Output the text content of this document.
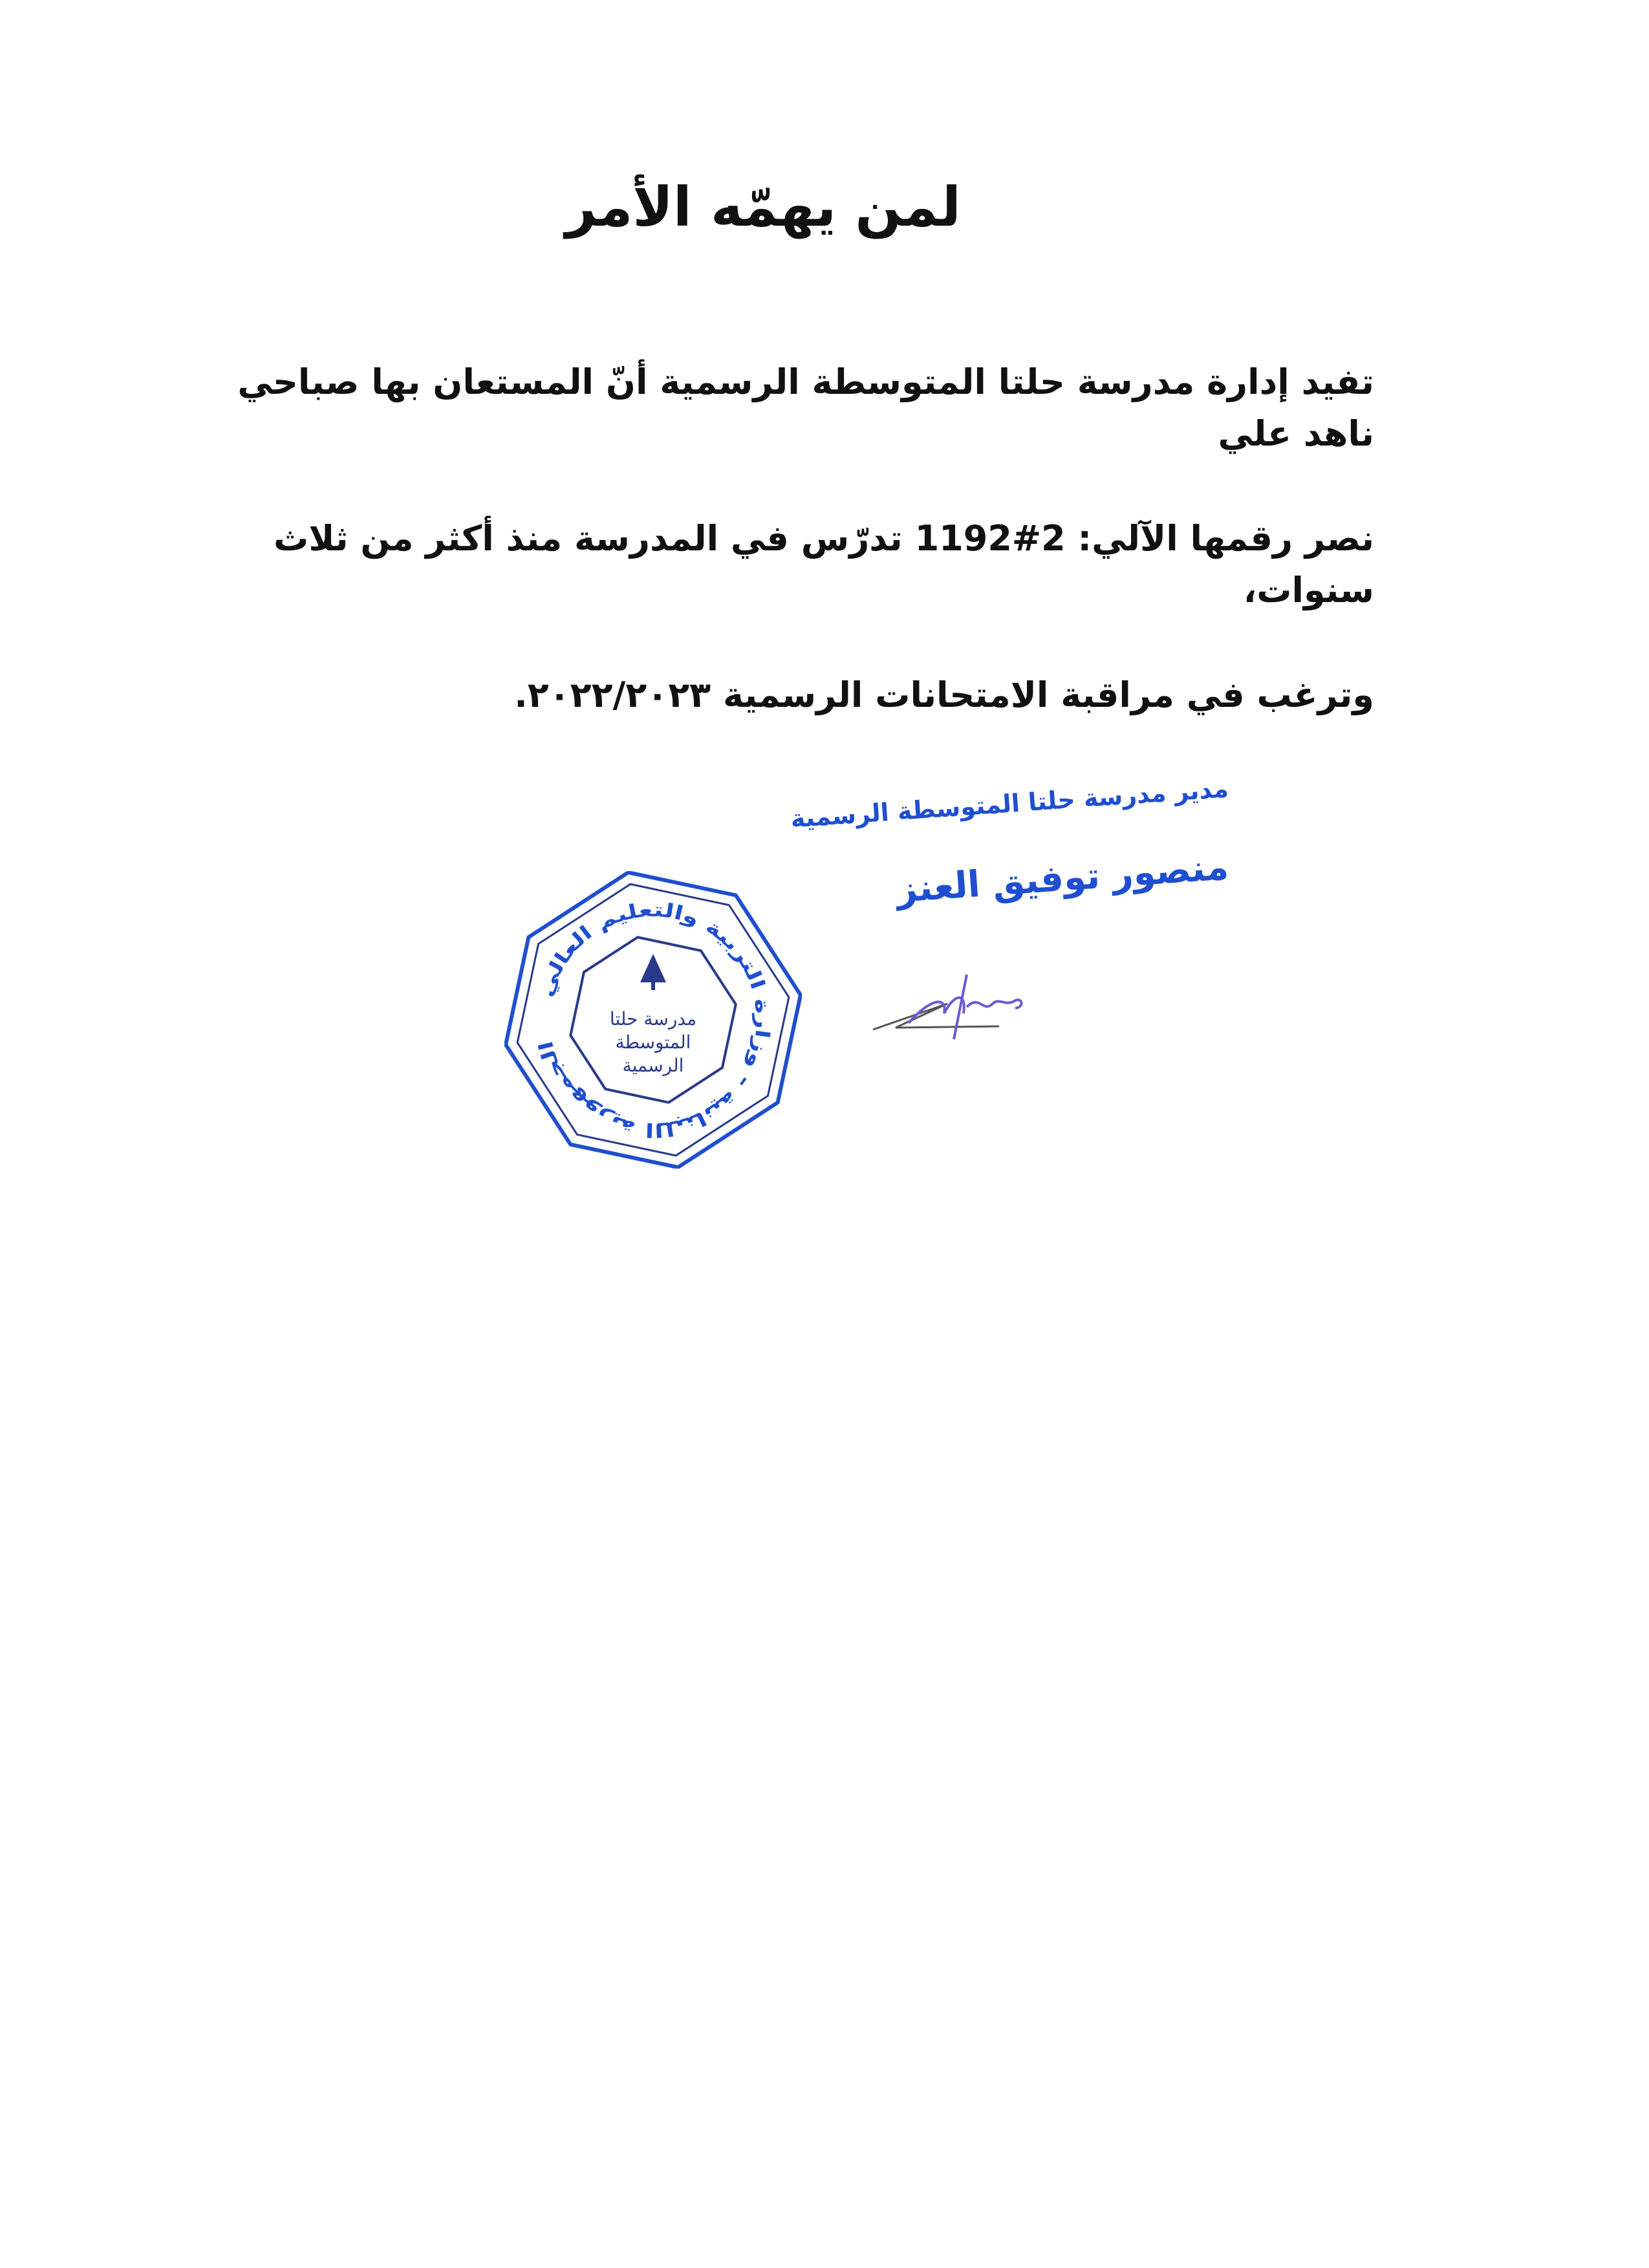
لمن يهمّه الأمر
تفيد إدارة مدرسة حلتا المتوسطة الرسمية أنّ المستعان بها صباحي ناهد علي
نصر رقمها الآلي: 2#1192 تدرّس في المدرسة منذ أكثر من ثلاث سنوات،
وترغب في مراقبة الامتحانات الرسمية ٢٠٢٢/٢٠٢٣.
مدير مدرسة حلتا المتوسطة الرسمية
منصور توفيق العنز
الجمهورية اللبنانية - وزارة التربية والتعليم العالي
مدرسة حلتا المتوسطة الرسمية
